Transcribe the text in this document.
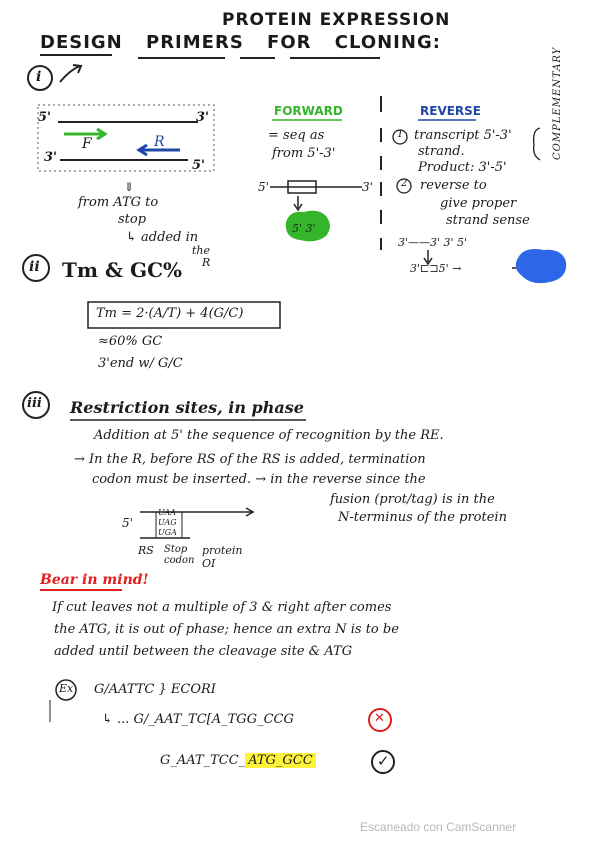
PROTEIN EXPRESSION
DESIGN PRIMERS FOR CLONING:
i
5'	3'
3'
5'
F	R
⇓
from ATG to
stop
↳ added in
the
R
FORWARD
= seq as
from 5'-3'
5'	3'
5' 3'
REVERSE
1 transcript 5'-3'
strand.
Product: 3'-5'
2 reverse to
give proper
strand sense
COMPLEMENTARY
3'——3' 3' 5'
3'⊏⊐5' →
ii Tm & GC%
Tm = 2·(A/T) + 4(G/C)
≈60% GC
3'end w/ G/C
iii Restriction sites, in phase
Addition at 5' the sequence of recognition by the RE.
→ In the R, before RS of the RS is added, termination
codon must be inserted. → in the reverse since the
fusion (prot/tag) is in the
N-terminus of the protein
5'
UAA
UAG
UGA
RS Stop codon
protein OI
Bear in mind!
If cut leaves not a multiple of 3 & right after comes
the ATG, it is out of phase; hence an extra N is to be
added until between the cleavage site & ATG
Ex G/AATTC } ECORI
↳ ... G/_AAT_TC[A_TGG_CCG	✕
G_AAT_TCC_ ATG_GCC	✓
Escaneado con CamScanner
